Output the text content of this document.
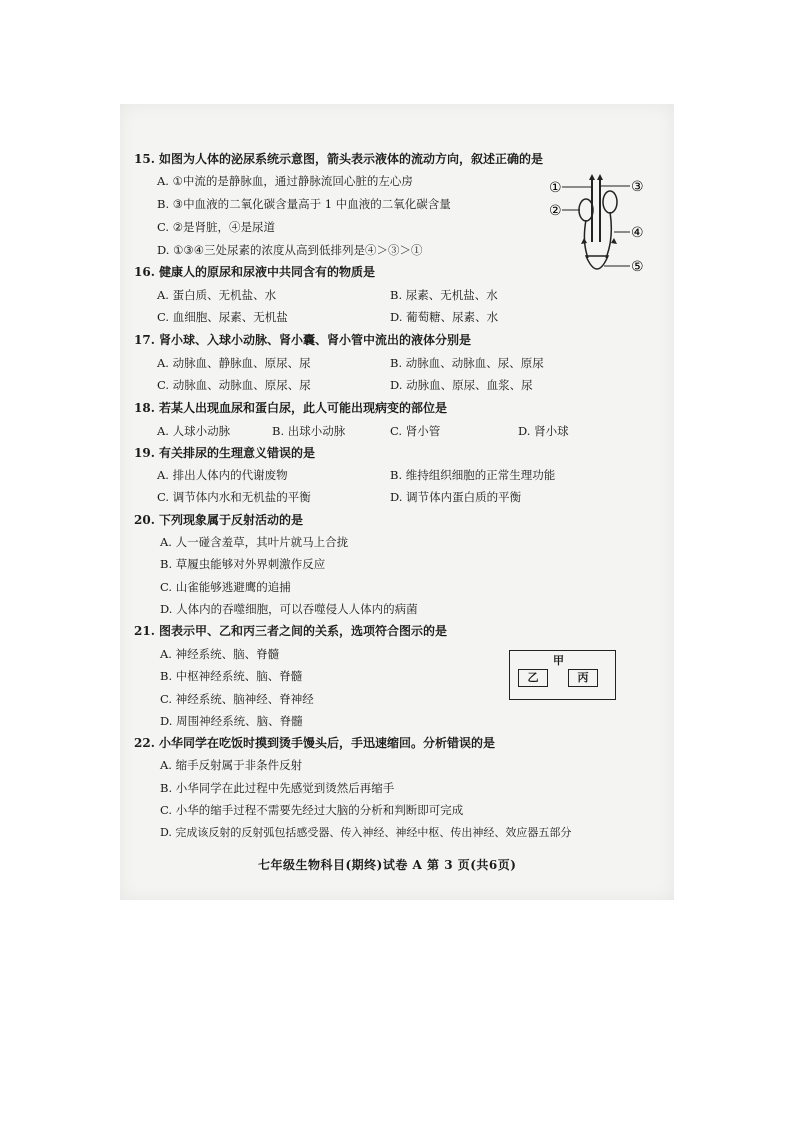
15. 如图为人体的泌尿系统示意图，箭头表示液体的流动方向，叙述正确的是
A. ①中流的是静脉血，通过静脉流回心脏的左心房
B. ③中血液的二氧化碳含量高于 1 中血液的二氧化碳含量
C. ②是肾脏，④是尿道
D. ①③④三处尿素的浓度从高到低排列是④＞③＞①
①
②
③
④
⑤
16. 健康人的原尿和尿液中共同含有的物质是
A. 蛋白质、无机盐、水	B. 尿素、无机盐、水
C. 血细胞、尿素、无机盐	D. 葡萄糖、尿素、水
17. 肾小球、入球小动脉、肾小囊、肾小管中流出的液体分别是
A. 动脉血、静脉血、原尿、尿	B. 动脉血、动脉血、尿、原尿
C. 动脉血、动脉血、原尿、尿	D. 动脉血、原尿、血浆、尿
18. 若某人出现血尿和蛋白尿，此人可能出现病变的部位是
A. 人球小动脉	B. 出球小动脉	C. 肾小管	D. 肾小球
19. 有关排尿的生理意义错误的是
A. 排出人体内的代谢废物	B. 维持组织细胞的正常生理功能
C. 调节体内水和无机盐的平衡	D. 调节体内蛋白质的平衡
20. 下列现象属于反射活动的是
A. 人一碰含羞草，其叶片就马上合拢
B. 草履虫能够对外界刺激作反应
C. 山雀能够逃避鹰的追捕
D. 人体内的吞噬细胞，可以吞噬侵人人体内的病菌
21. 图表示甲、乙和丙三者之间的关系，选项符合图示的是
A. 神经系统、脑、脊髓
B. 中枢神经系统、脑、脊髓
C. 神经系统、脑神经、脊神经
D. 周围神经系统、脑、脊髓
甲
乙	丙
22. 小华同学在吃饭时摸到烫手馒头后，手迅速缩回。分析错误的是
A. 缩手反射属于非条件反射
B. 小华同学在此过程中先感觉到烫然后再缩手
C. 小华的缩手过程不需要先经过大脑的分析和判断即可完成
D. 完成该反射的反射弧包括感受器、传入神经、神经中枢、传出神经、效应器五部分
七年级生物科目(期终)试卷 A 第 3 页(共6页)
